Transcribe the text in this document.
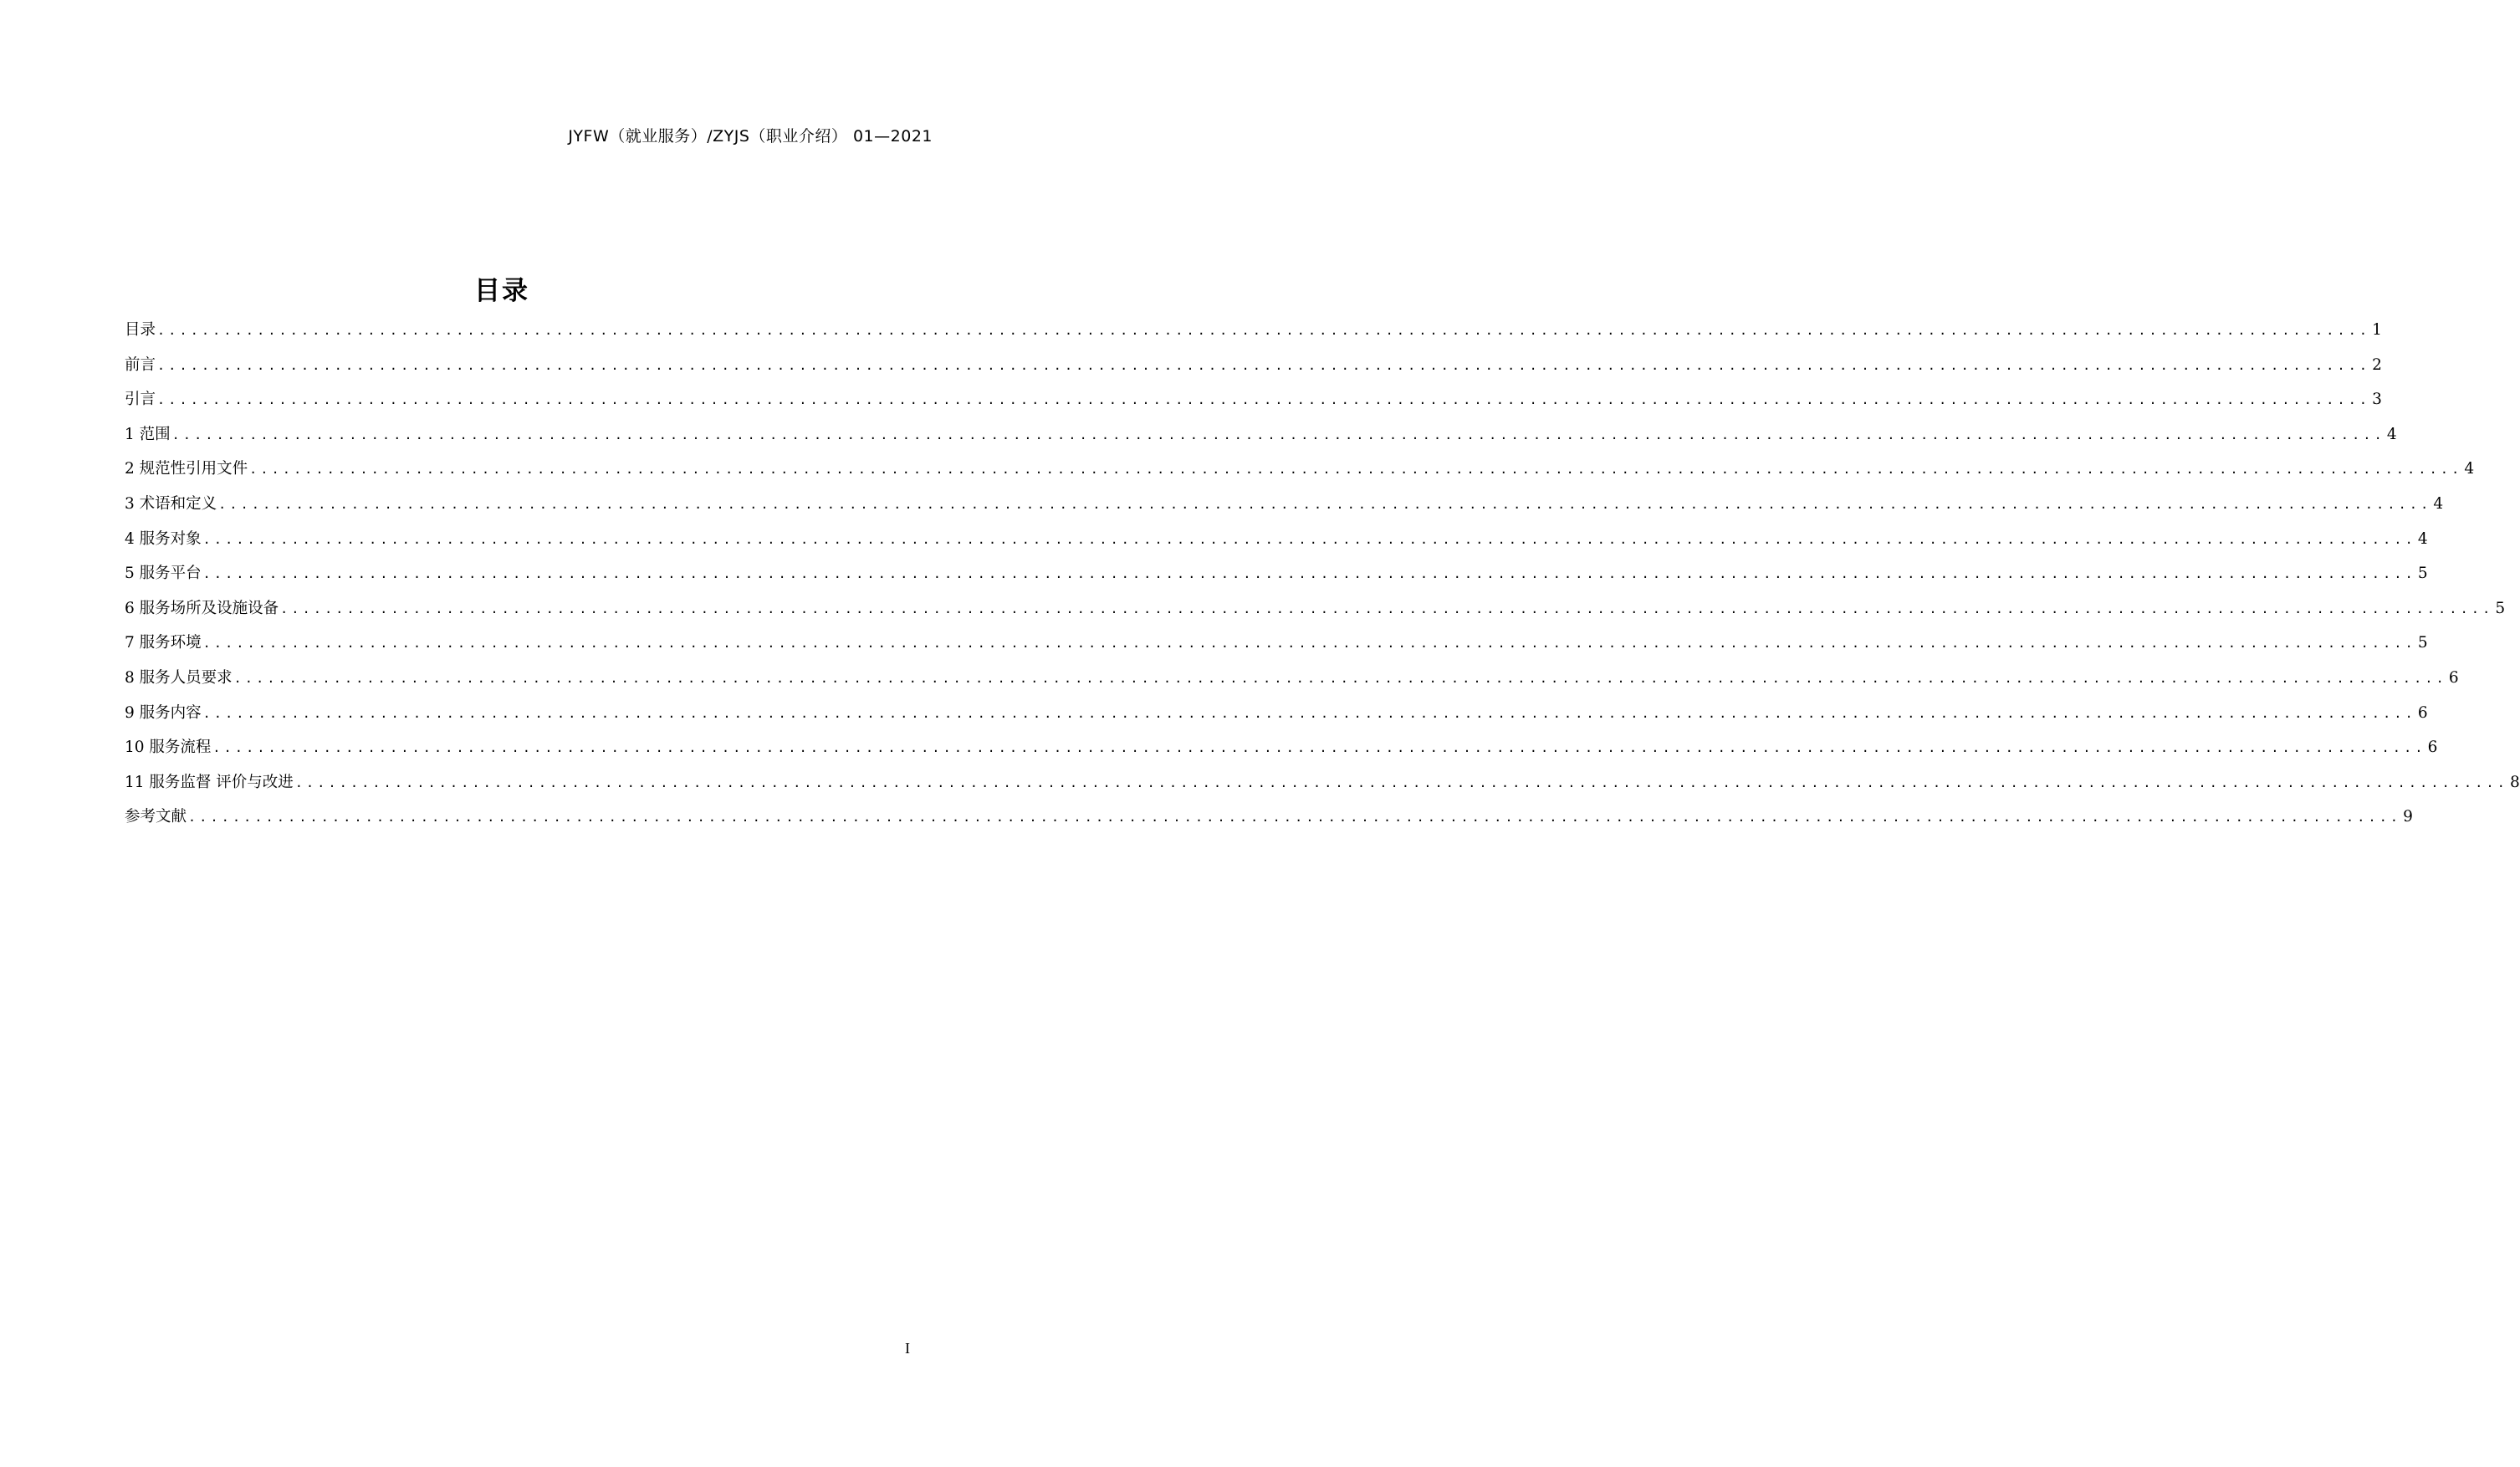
JYFW（就业服务）/ZYJS（职业介绍） 01—2021
目录
目录 ........................................................................................................................................................................................................ 1
前言 ........................................................................................................................................................................................................ 2
引言 ........................................................................................................................................................................................................ 3
1 范围 ........................................................................................................................................................................................................ 4
2 规范性引用文件 ........................................................................................................................................................................................................ 4
3 术语和定义 ........................................................................................................................................................................................................ 4
4 服务对象 ........................................................................................................................................................................................................ 4
5 服务平台 ........................................................................................................................................................................................................ 5
6 服务场所及设施设备 ........................................................................................................................................................................................................ 5
7 服务环境 ........................................................................................................................................................................................................ 5
8 服务人员要求 ........................................................................................................................................................................................................ 6
9 服务内容 ........................................................................................................................................................................................................ 6
10 服务流程 ........................................................................................................................................................................................................ 6
11 服务监督 评价与改进 ........................................................................................................................................................................................................ 8
参考文献 ........................................................................................................................................................................................................ 9
I
